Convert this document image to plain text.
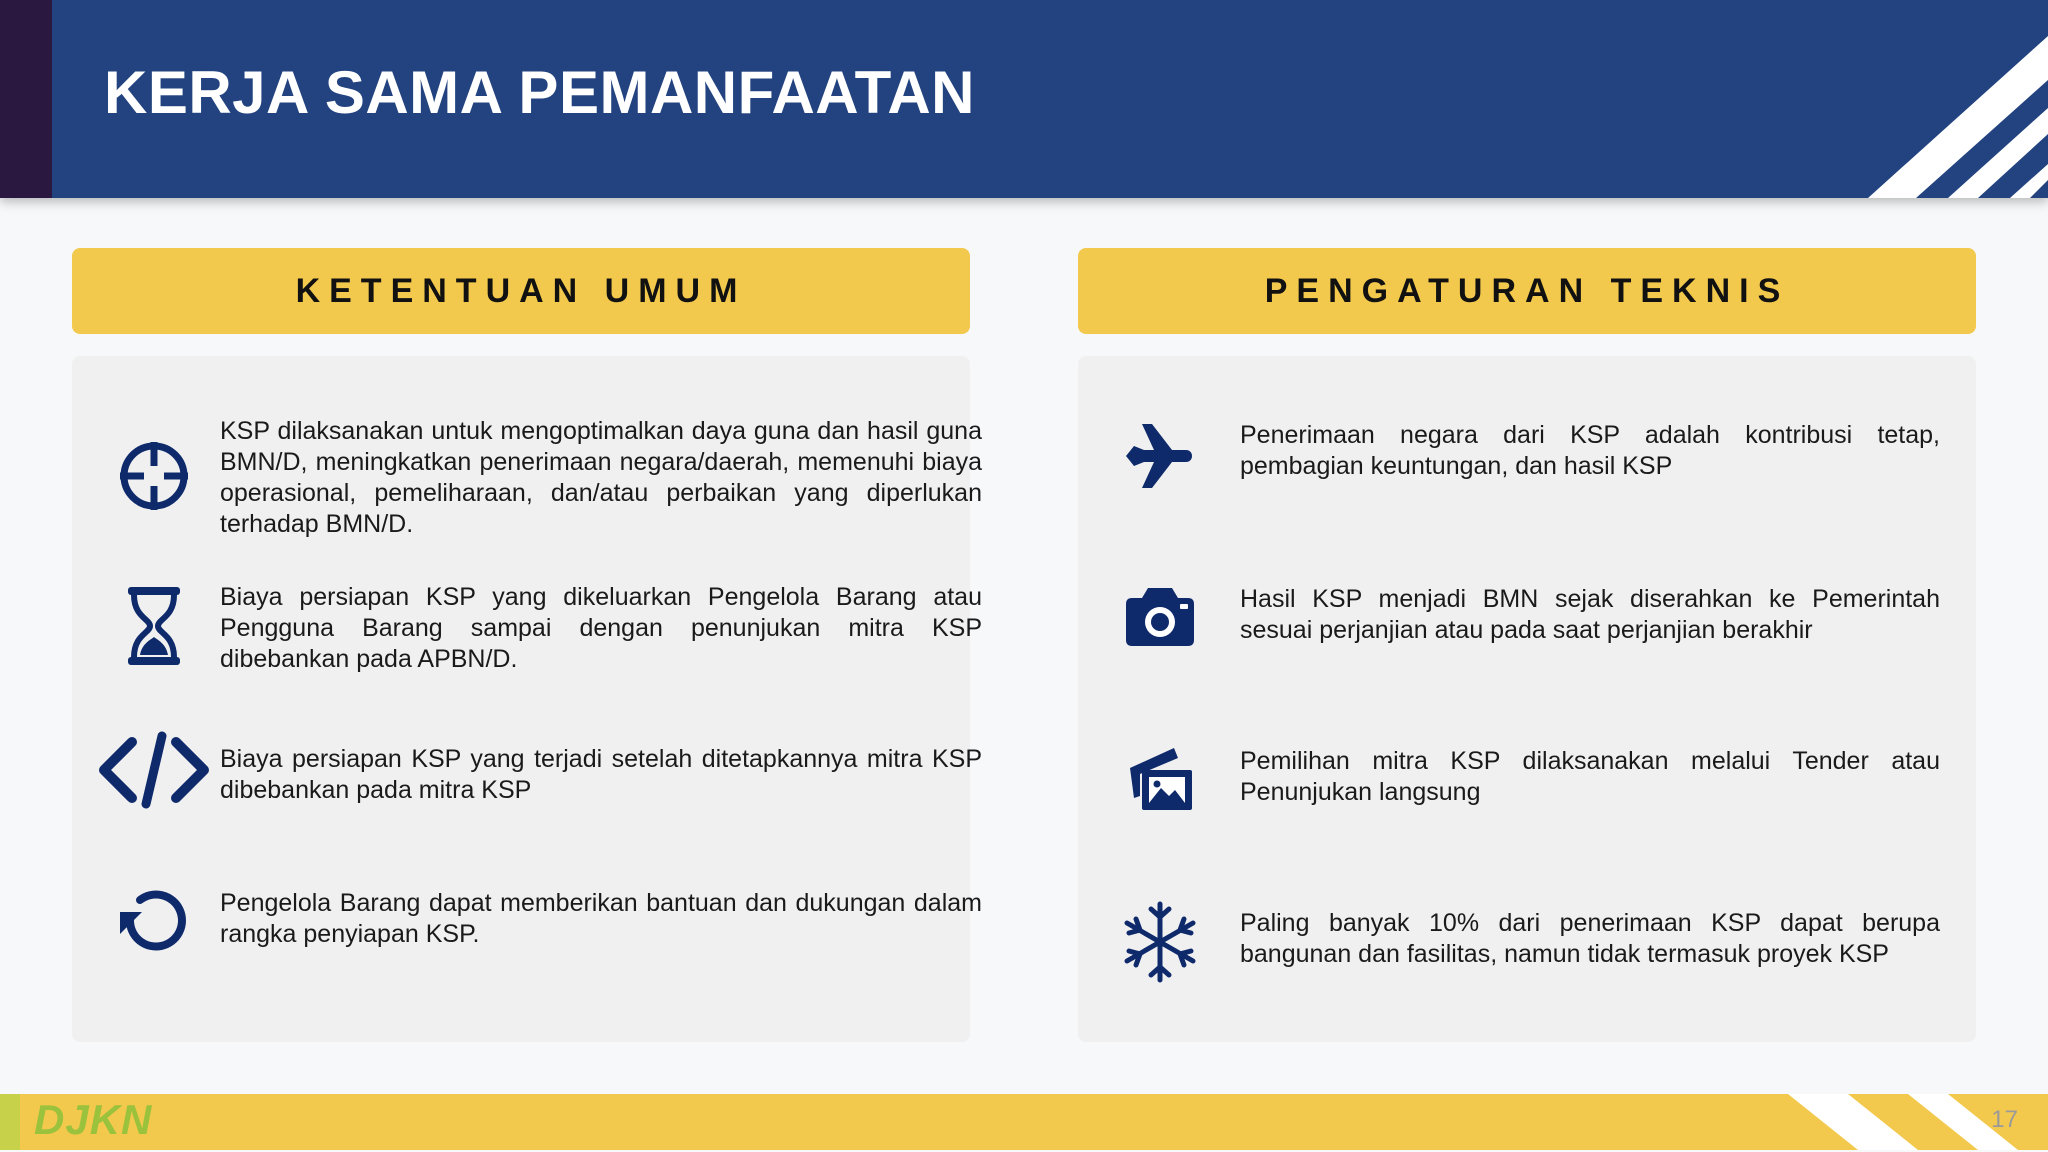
KERJA SAMA PEMANFAATAN
KETENTUAN UMUM

KSP dilaksanakan untuk mengoptimalkan daya guna dan hasil guna BMN/D, meningkatkan penerimaan negara/daerah, memenuhi biaya operasional, pemeliharaan, dan/atau perbaikan yang diperlukan terhadap BMN/D.

Biaya persiapan KSP yang dikeluarkan Pengelola Barang atau Pengguna Barang sampai dengan penunjukan mitra KSP dibebankan pada APBN/D.

Biaya persiapan KSP yang terjadi setelah ditetapkannya mitra KSP dibebankan pada mitra KSP

Pengelola Barang dapat memberikan bantuan dan dukungan dalam rangka penyiapan KSP.

PENGATURAN TEKNIS

Penerimaan negara dari KSP adalah kontribusi tetap, pembagian keuntungan, dan hasil KSP

Hasil KSP menjadi BMN sejak diserahkan ke Pemerintah sesuai perjanjian atau pada saat perjanjian berakhir

Pemilihan mitra KSP dilaksanakan melalui Tender atau Penunjukan langsung

Paling banyak 10% dari penerimaan KSP dapat berupa bangunan dan fasilitas, namun tidak termasuk proyek KSP

DJKN	17
